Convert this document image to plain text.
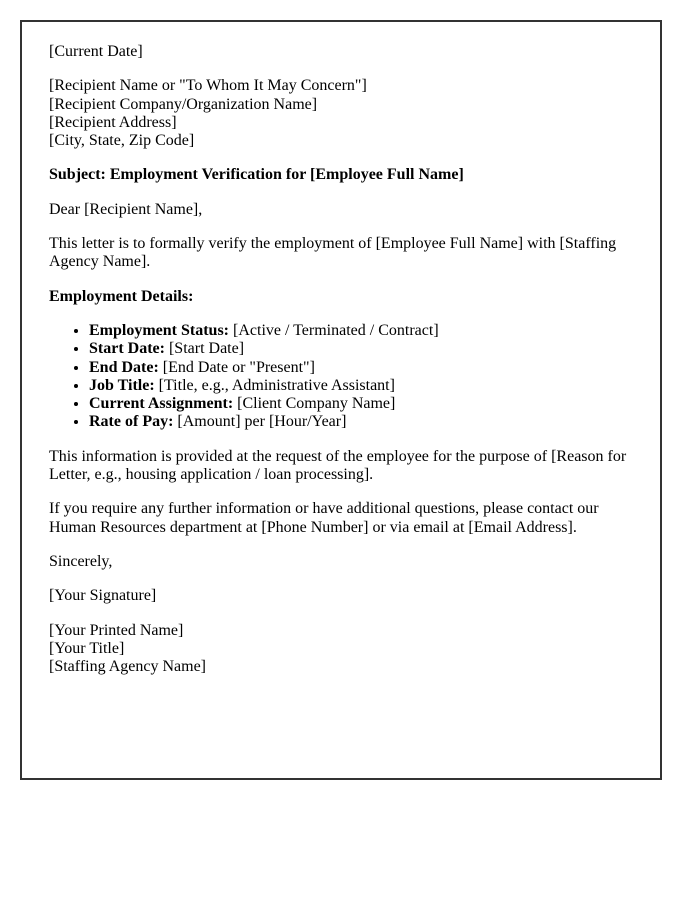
[Current Date]
[Recipient Name or "To Whom It May Concern"]
[Recipient Company/Organization Name]
[Recipient Address]
[City, State, Zip Code]
Subject: Employment Verification for [Employee Full Name]
Dear [Recipient Name],
This letter is to formally verify the employment of [Employee Full Name] with [Staffing Agency Name].
Employment Details:
• Employment Status: [Active / Terminated / Contract]
• Start Date: [Start Date]
• End Date: [End Date or "Present"]
• Job Title: [Title, e.g., Administrative Assistant]
• Current Assignment: [Client Company Name]
• Rate of Pay: [Amount] per [Hour/Year]
This information is provided at the request of the employee for the purpose of [Reason for Letter, e.g., housing application / loan processing].
If you require any further information or have additional questions, please contact our Human Resources department at [Phone Number] or via email at [Email Address].
Sincerely,
[Your Signature]
[Your Printed Name]
[Your Title]
[Staffing Agency Name]
